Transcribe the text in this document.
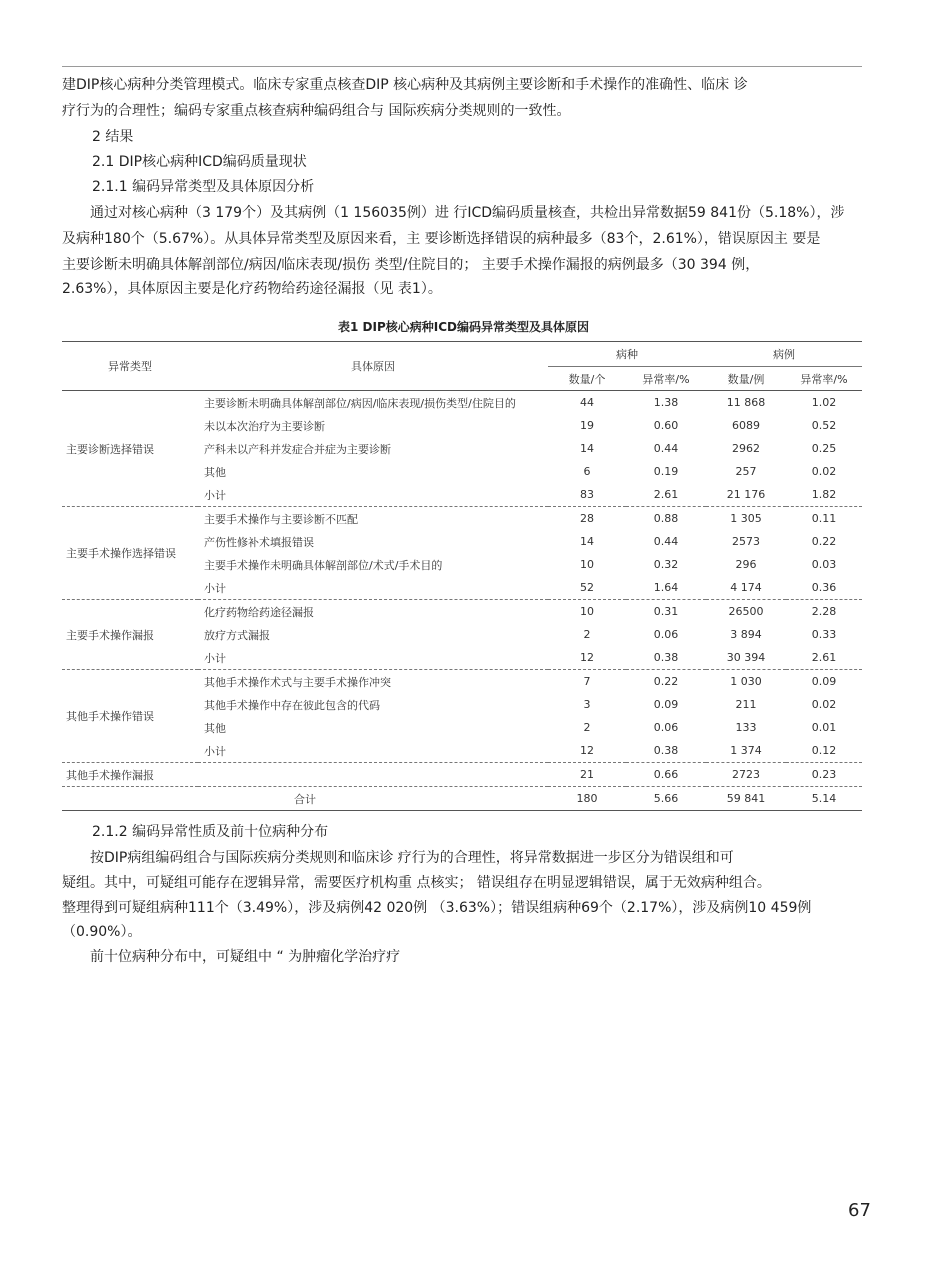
建DIP核心病种分类管理模式。临床专家重点核查DIP 核心病种及其病例主要诊断和手术操作的准确性、临床 诊

疗行为的合理性；编码专家重点核查病种编码组合与 国际疾病分类规则的一致性。

2 结果

2.1 DIP核心病种ICD编码质量现状

2.1.1 编码异常类型及具体原因分析

通过对核心病种（3 179个）及其病例（1 156035例）进 行ICD编码质量核查，共检出异常数据59 841份（5.18%），涉

及病种180个（5.67%）。从具体异常类型及原因来看，主 要诊断选择错误的病种最多（83个，2.61%），错误原因主 要是

主要诊断未明确具体解剖部位/病因/临床表现/损伤 类型/住院目的； 主要手术操作漏报的病例最多（30 394 例，

2.63%），具体原因主要是化疗药物给药途径漏报（见 表1）。

表1 DIP核心病种ICD编码异常类型及具体原因
异常类型	具体原因	病种		病例	
		数量/个	异常率/%	数量/例	异常率/%
主要诊断选择错误	主要诊断未明确具体解剖部位/病因/临床表现/损伤类型/住院目的	44	1.38	11 868	1.02
	未以本次治疗为主要诊断	19	0.60	6089	0.52
	产科未以产科并发症合并症为主要诊断	14	0.44	2962	0.25
	其他	6	0.19	257	0.02
	小计	83	2.61	21 176	1.82
主要手术操作选择错误	主要手术操作与主要诊断不匹配	28	0.88	1 305	0.11
	产伤性修补术填报错误	14	0.44	2573	0.22
	主要手术操作未明确具体解剖部位/术式/手术目的	10	0.32	296	0.03
	小计	52	1.64	4 174	0.36
主要手术操作漏报	化疗药物给药途径漏报	10	0.31	26500	2.28
	放疗方式漏报	2	0.06	3 894	0.33
	小计	12	0.38	30 394	2.61
其他手术操作错误	其他手术操作术式与主要手术操作冲突	7	0.22	1 030	0.09
	其他手术操作中存在彼此包含的代码	3	0.09	211	0.02
	其他	2	0.06	133	0.01
	小计	12	0.38	1 374	0.12
其他手术操作漏报		21	0.66	2723	0.23
合计		180	5.66	59 841	5.14

2.1.2 编码异常性质及前十位病种分布

按DIP病组编码组合与国际疾病分类规则和临床诊 疗行为的合理性，将异常数据进一步区分为错误组和可

疑组。其中，可疑组可能存在逻辑异常，需要医疗机构重 点核实； 错误组存在明显逻辑错误，属于无效病种组合。

整理得到可疑组病种111个（3.49%），涉及病例42 020例 （3.63%）；错误组病种69个（2.17%），涉及病例10 459例

（0.90%）。

前十位病种分布中，可疑组中 “ 为肿瘤化学治疗疗

67
